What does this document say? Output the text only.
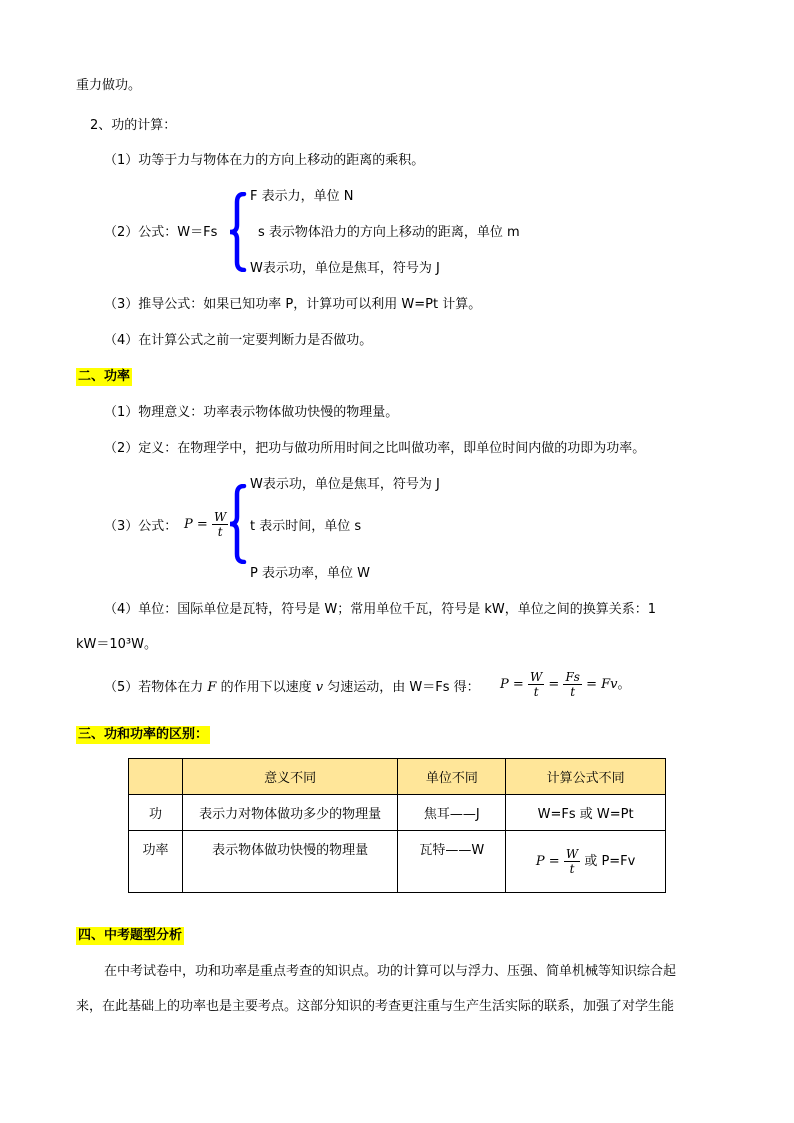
重力做功。
2、功的计算：
（1）功等于力与物体在力的方向上移动的距离的乘积。
（2）公式：W＝Fs
F 表示力，单位 N
s 表示物体沿力的方向上移动的距离，单位 m
W表示功，单位是焦耳，符号为 J
（3）推导公式：如果已知功率 P，计算功可以利用 W=Pt 计算。
（4）在计算公式之前一定要判断力是否做功。
二、功率
（1）物理意义：功率表示物体做功快慢的物理量。
（2）定义：在物理学中，把功与做功所用时间之比叫做功率，即单位时间内做的功即为功率。
（3）公式： $P = \frac{W}{t}$
W表示功，单位是焦耳，符号为 J
t 表示时间，单位 s
P 表示功率，单位 W
（4）单位：国际单位是瓦特，符号是 W；常用单位千瓦，符号是 kW，单位之间的换算关系：1
kW＝10³W。
（5）若物体在力 F 的作用下以速度 v 匀速运动，由 W＝Fs 得： $P = \frac{W}{t} = \frac{Fs}{t} = Fv$。
三、功和功率的区别：
	意义不同	单位不同	计算公式不同
功	表示力对物体做功多少的物理量	焦耳——J	W=Fs 或 W=Pt
功率	表示物体做功快慢的物理量	瓦特——W	$P = \frac{W}{t}$ 或 P=Fv
四、中考题型分析
在中考试卷中，功和功率是重点考查的知识点。功的计算可以与浮力、压强、简单机械等知识综合起
来，在此基础上的功率也是主要考点。这部分知识的考查更注重与生产生活实际的联系，加强了对学生能
